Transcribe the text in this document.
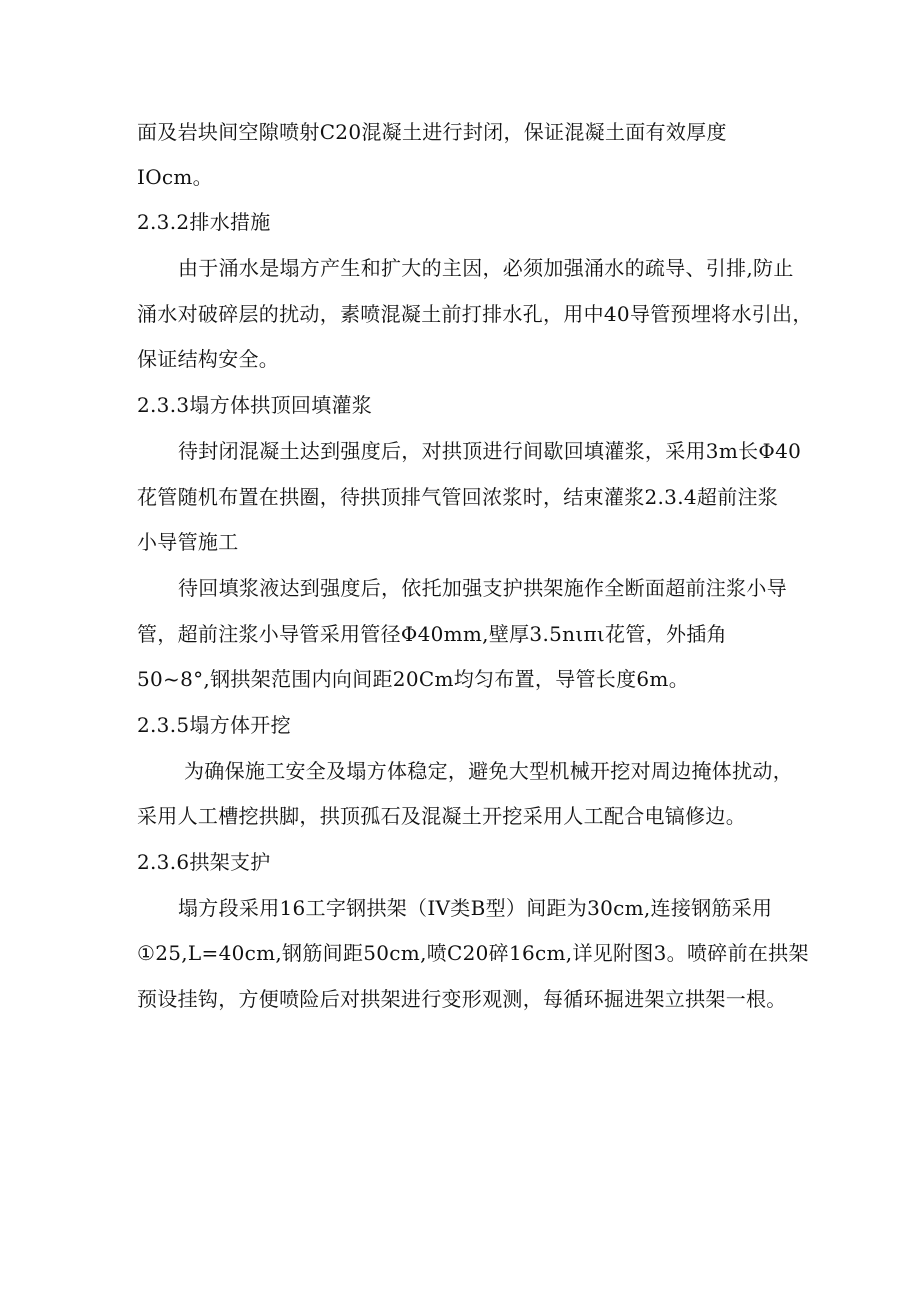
面及岩块间空隙喷射C20混凝土进行封闭，保证混凝土面有效厚度
IOcm。
2.3.2排水措施
由于涌水是塌方产生和扩大的主因，必须加强涌水的疏导、引排,防止
涌水对破碎层的扰动，素喷混凝土前打排水孔，用中40导管预埋将水引出，
保证结构安全。
2.3.3塌方体拱顶回填灌浆
待封闭混凝土达到强度后，对拱顶进行间歇回填灌浆，采用3m长Φ40
花管随机布置在拱圈，待拱顶排气管回浓浆时，结束灌浆2.3.4超前注浆
小导管施工
待回填浆液达到强度后，依托加强支护拱架施作全断面超前注浆小导
管，超前注浆小导管采用管径Φ40mm,壁厚3.5nιπι花管，外插角
50~8°,钢拱架范围内向间距20Cm均匀布置，导管长度6m。
2.3.5塌方体开挖
为确保施工安全及塌方体稳定，避免大型机械开挖对周边掩体扰动，
采用人工槽挖拱脚，拱顶孤石及混凝土开挖采用人工配合电镐修边。
2.3.6拱架支护
塌方段采用16工字钢拱架（IV类B型）间距为30cm,连接钢筋采用
①25,L=40cm,钢筋间距50cm,喷C20碎16cm,详见附图3。喷碎前在拱架
预设挂钩，方便喷险后对拱架进行变形观测，每循环掘进架立拱架一根。
